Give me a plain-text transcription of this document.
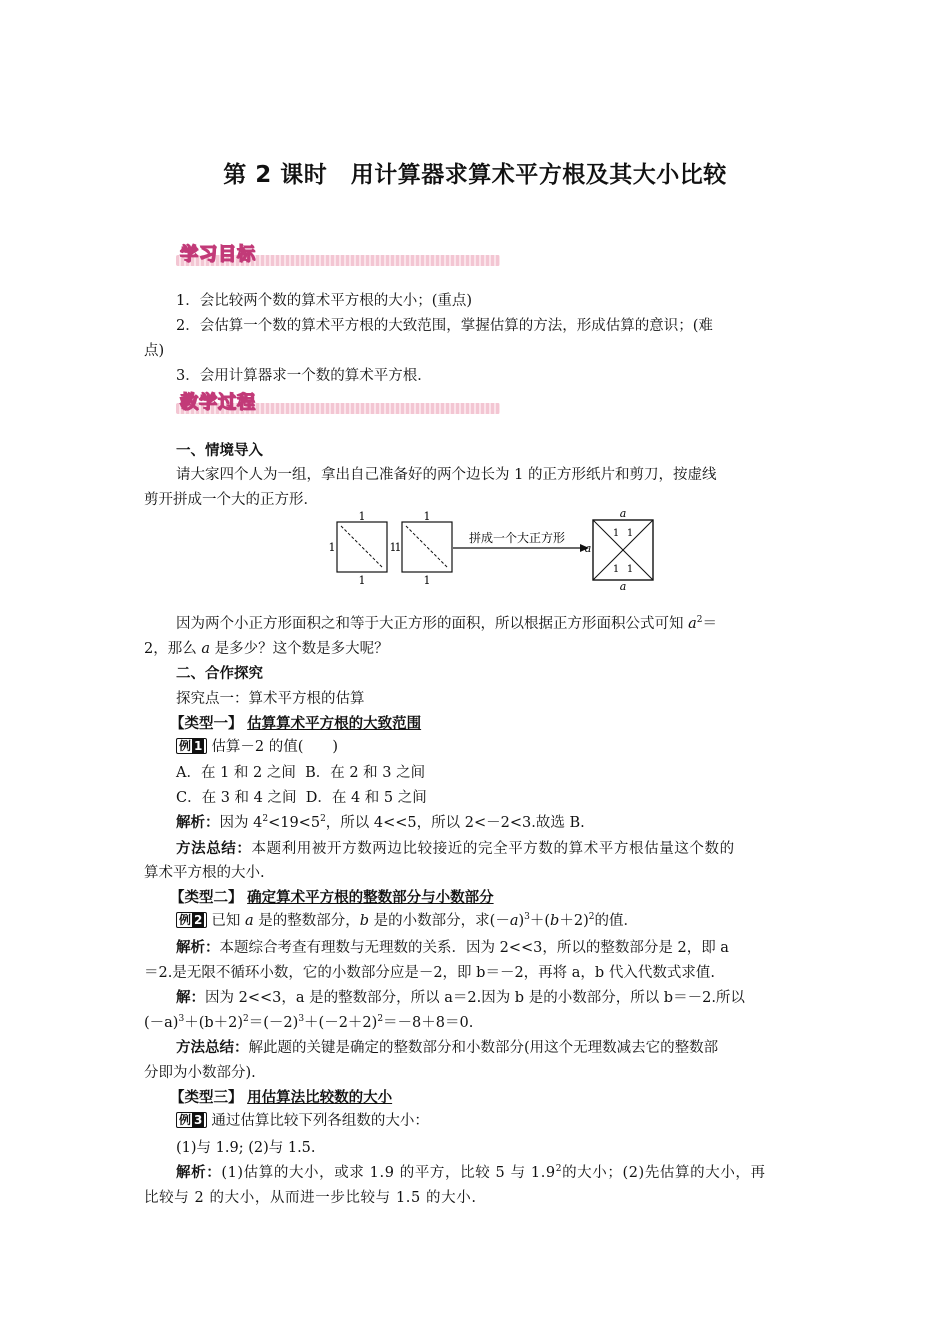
第 2 课时　用计算器求算术平方根及其大小比较
学习目标
1．会比较两个数的算术平方根的大小；(重点)
2．会估算一个数的算术平方根的大致范围，掌握估算的方法，形成估算的意识；(难
点)
3．会用计算器求一个数的算术平方根．
教学过程
一、情境导入
请大家四个人为一组，拿出自己准备好的两个边长为 1 的正方形纸片和剪刀，按虚线
剪开拼成一个大的正方形．
1
1
1	1
1
1
1
拼成一个大正方形
a
a
a
1 1
1 1
因为两个小正方形面积之和等于大正方形的面积，所以根据正方形面积公式可知 $a^2=$
2，那么 a 是多少？这个数是多大呢？
二、合作探究
探究点一：算术平方根的估算
【类型一】 估算算术平方根的大致范围
例 1 估算－2 的值(　　)
A．在 1 和 2 之间 B．在 2 和 3 之间
C．在 3 和 4 之间 D．在 4 和 5 之间
解析：因为 $4^2<19<5^2$，所以 4<<5，所以 2<－2<3.故选 B.
方法总结：本题利用被开方数两边比较接近的完全平方数的算术平方根估量这个数的
算术平方根的大小.
【类型二】 确定算术平方根的整数部分与小数部分
例 2 已知 a 是的整数部分，b 是的小数部分，求$(-a)^3+(b+2)^2$的值．
解析：本题综合考查有理数与无理数的关系．因为 2<<3，所以的整数部分是 2，即 a
＝2.是无限不循环小数，它的小数部分应是－2，即 b＝－2，再将 a，b 代入代数式求值.
解：因为 2<<3，a 是的整数部分，所以 a＝2.因为 b 是的小数部分，所以 b＝－2.所以
$(-a)^3+(b+2)^2=(-2)^3+(-2+2)^2=-8+8=0$.
方法总结：解此题的关键是确定的整数部分和小数部分(用这个无理数减去它的整数部
分即为小数部分).
【类型三】 用估算法比较数的大小
例 3 通过估算比较下列各组数的大小：
(1)与 1.9; (2)与 1.5.
解析：(1)估算的大小，或求 1.9 的平方，比较 5 与 $1.9^2$的大小；(2)先估算的大小，再
比较与 2 的大小，从而进一步比较与 1.5 的大小.
